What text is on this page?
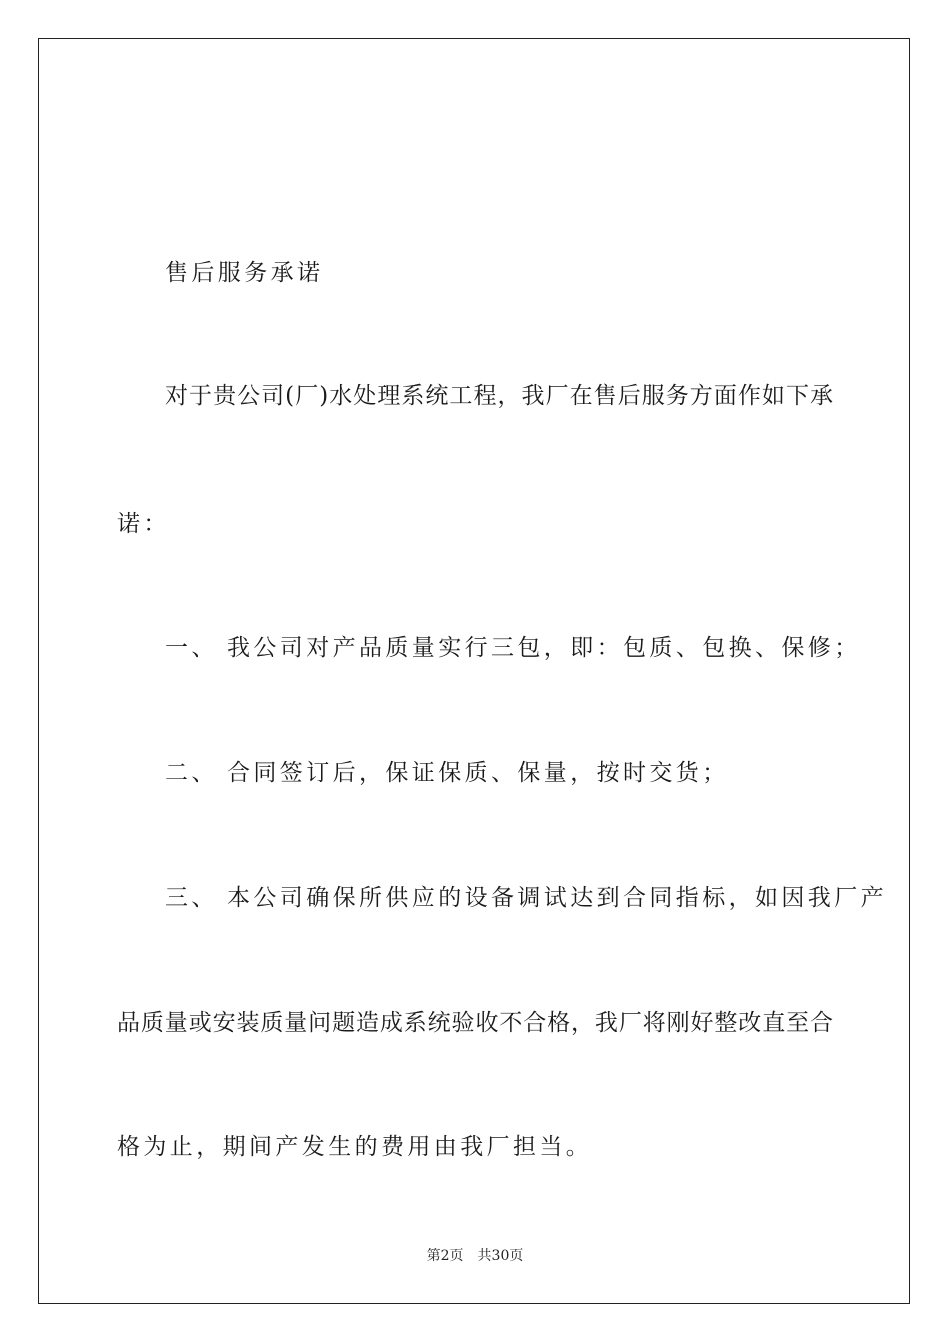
售后服务承诺
对于贵公司(厂)水处理系统工程，我厂在售后服务方面作如下承
诺：
一、 我公司对产品质量实行三包，即：包质、包换、保修；
二、 合同签订后，保证保质、保量，按时交货；
三、 本公司确保所供应的设备调试达到合同指标，如因我厂产
品质量或安装质量问题造成系统验收不合格，我厂将刚好整改直至合
格为止，期间产发生的费用由我厂担当。
第2页 共30页
